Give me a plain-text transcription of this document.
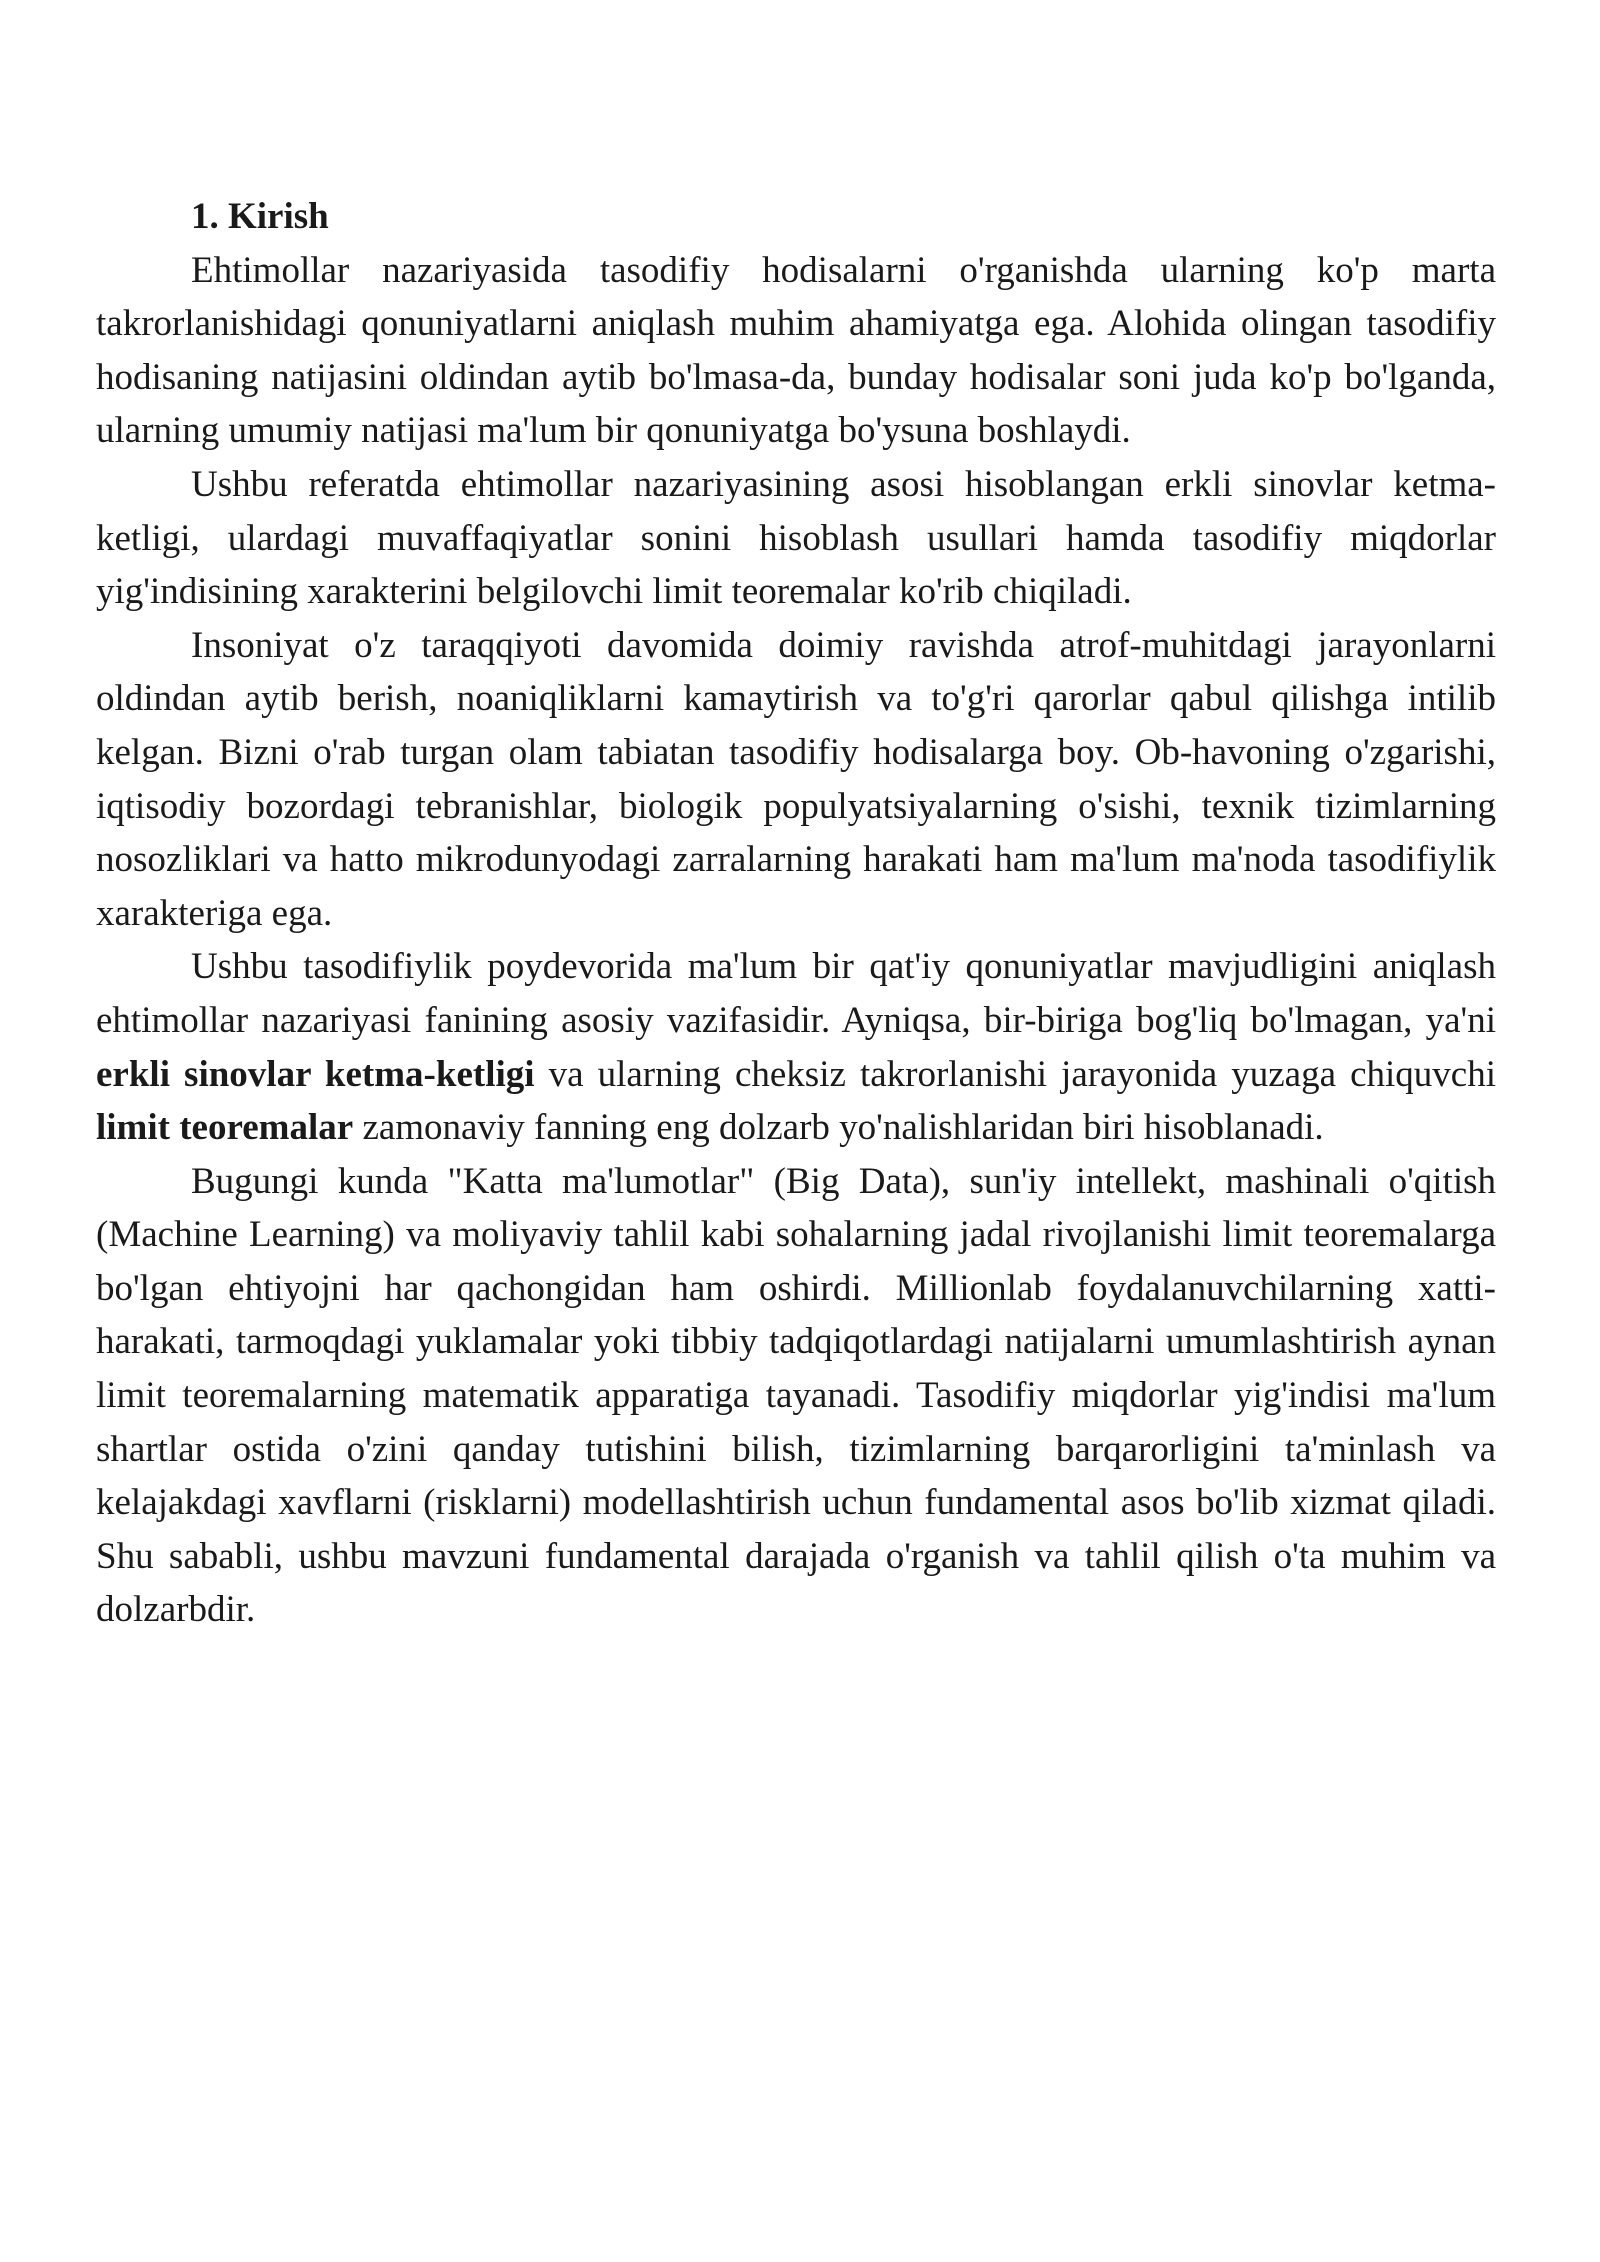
1. Kirish

Ehtimollar nazariyasida tasodifiy hodisalarni o'rganishda ularning ko'p marta takrorlanishidagi qonuniyatlarni aniqlash muhim ahamiyatga ega. Alohida olingan tasodifiy hodisaning natijasini oldindan aytib bo'lmasa-da, bunday hodisalar soni juda ko'p bo'lganda, ularning umumiy natijasi ma'lum bir qonuniyatga bo'ysuna boshlaydi.

Ushbu referatda ehtimollar nazariyasining asosi hisoblangan erkli sinovlar ketma-ketligi, ulardagi muvaffaqiyatlar sonini hisoblash usullari hamda tasodifiy miqdorlar yig'indisining xarakterini belgilovchi limit teoremalar ko'rib chiqiladi.

Insoniyat o'z taraqqiyoti davomida doimiy ravishda atrof-muhitdagi jarayonlarni oldindan aytib berish, noaniqliklarni kamaytirish va to'g'ri qarorlar qabul qilishga intilib kelgan. Bizni o'rab turgan olam tabiatan tasodifiy hodisalarga boy. Ob-havoning o'zgarishi, iqtisodiy bozordagi tebranishlar, biologik populyatsiyalarning o'sishi, texnik tizimlarning nosozliklari va hatto mikrodunyodagi zarralarning harakati ham ma'lum ma'noda tasodifiylik xarakteriga ega.

Ushbu tasodifiylik poydevorida ma'lum bir qat'iy qonuniyatlar mavjudligini aniqlash ehtimollar nazariyasi fanining asosiy vazifasidir. Ayniqsa, bir-biriga bog'liq bo'lmagan, ya'ni erkli sinovlar ketma-ketligi va ularning cheksiz takrorlanishi jarayonida yuzaga chiquvchi limit teoremalar zamonaviy fanning eng dolzarb yo'nalishlaridan biri hisoblanadi.

Bugungi kunda "Katta ma'lumotlar" (Big Data), sun'iy intellekt, mashinali o'qitish (Machine Learning) va moliyaviy tahlil kabi sohalarning jadal rivojlanishi limit teoremalarga bo'lgan ehtiyojni har qachongidan ham oshirdi. Millionlab foydalanuvchilarning xatti-harakati, tarmoqdagi yuklamalar yoki tibbiy tadqiqotlardagi natijalarni umumlashtirish aynan limit teoremalarning matematik apparatiga tayanadi. Tasodifiy miqdorlar yig'indisi ma'lum shartlar ostida o'zini qanday tutishini bilish, tizimlarning barqarorligini ta'minlash va kelajakdagi xavflarni (risklarni) modellashtirish uchun fundamental asos bo'lib xizmat qiladi. Shu sababli, ushbu mavzuni fundamental darajada o'rganish va tahlil qilish o'ta muhim va dolzarbdir.
